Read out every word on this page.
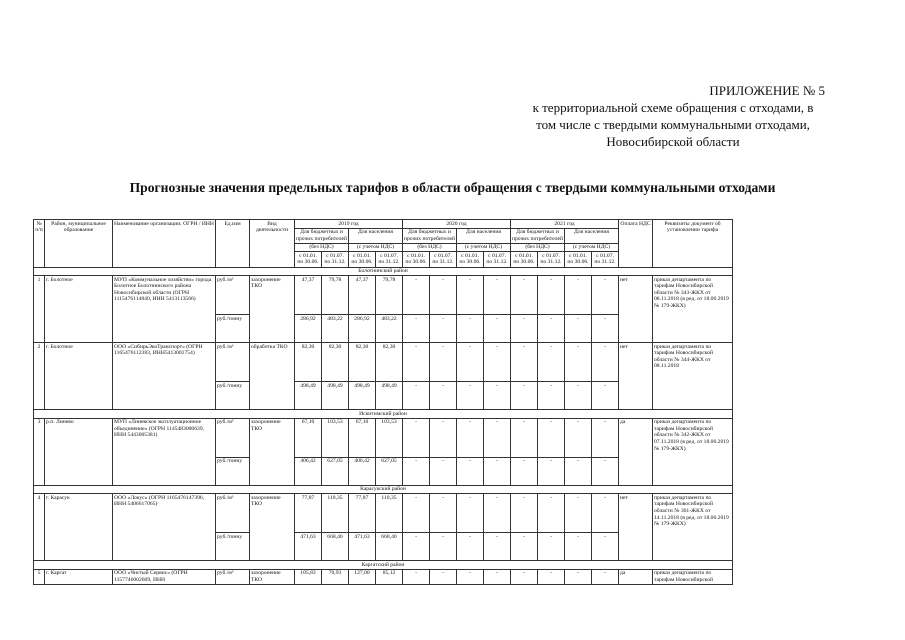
ПРИЛОЖЕНИЕ № 5
к территориальной схеме обращения с отходами, в
том числе с твердыми коммунальными отходами,
Новосибирской области
Прогнозные значения предельных тарифов в области обращения с твердыми коммунальными отходами
№ п/п	Район, муниципальное образование	Наименование организации, ОГРН / ИНН	Ед.изм	Вид деятельности	2019 год				2020 год				2021 год				Оплата НДС	Реквизиты документ об установлении тарифа
					Для бюджетных и прочих потребителей		Для населения		Для бюджетных и прочих потребителей		Для населения		Для бюджетных и прочих потребителей		Для населения			
					(без НДС)		(с учетом НДС)		(без НДС)		(с учетом НДС)		(без НДС)		(с учетом НДС)			
					с 01.01. по 30.06.	с 01.07. по 31.12.	с 01.01. по 30.06.	с 01.07. по 31.12.	с 01.01. по 30.06.	с 01.07. по 31.12.	с 01.01. по 30.06.	с 01.07. по 31.12.	с 01.01. по 30.06.	с 01.07. по 31.12.	с 01.01. по 30.06.	с 01.07. по 31.12.		
Болотнинский район																		
1	г. Болотное	МУП «Коммунальное хозяйство» города Болотное Болотнинского района Новосибирской области (ОГРН 1115476114840, ИНН 5413113566)	руб./м³	захоронение ТКО	47,37	79,78	47,37	79,78	-	-	-	-	-	-	-	-	нет	приказ департамента по тарифам Новосибирской области № 343-ЖКХ от 08.11.2018 (в ред. от 18.06.2019 № 179-ЖКХ)
			руб./тонну		286,92	483,22	286,92	483,22	-	-	-	-	-	-	-	-		
2	г. Болотное	ООО «СибирьЭкоТранспорт» (ОГРН 1165476112383, ИНН5413001754)	руб./м³	обработка ТКО	82,30	82,30	82,30	82,30	-	-	-	-	-	-	-	-	нет	приказ департамента по тарифам Новосибирской области № 344-ЖКХ от 08.11.2018
			руб./тонну		498,49	498,49	498,49	498,49	-	-	-	-	-	-	-	-		
Искитимский район																		
3	р.п. Линево	МУП «Линевское эксплуатационное объединение» (ОГРН 1145483000639, ИНН 5443005381)	руб./м³	захоронение ТКО	67,10	103,53	67,10	103,53	-	-	-	-	-	-	-	-	да	приказ департамента по тарифам Новосибирской области № 342-ЖКХ от 07.11.2018 (в ред. от 18.06.2019 № 179-ЖКХ)
			руб./тонну		406,42	627,05	406,42	627,05	-	-	-	-	-	-	-	-		
Карасукский район																		
4	г. Карасук	ООО «Локус» (ОГРН 1165476147396, ИНН 5406617065)	руб./м³	захоронение ТКО	77,87	110,35	77,87	110,35	-	-	-	-	-	-	-	-	нет	приказ департамента по тарифам Новосибирской области № 361-ЖКХ от 14.11.2018 (в ред. от 18.06.2019 № 179-ЖКХ)
			руб./тонну		471,63	668,40	471,63	668,40	-	-	-	-	-	-	-	-		
Каргатский район																		
5	г. Каргат	ООО «Чистый Сервис» (ОГРН 1157746002609, ИНН	руб./м³	захоронение ТКО	105,83	70,93	127,00	85,12	-	-	-	-	-	-	-	-	да	приказ департамента по тарифам Новосибирской
